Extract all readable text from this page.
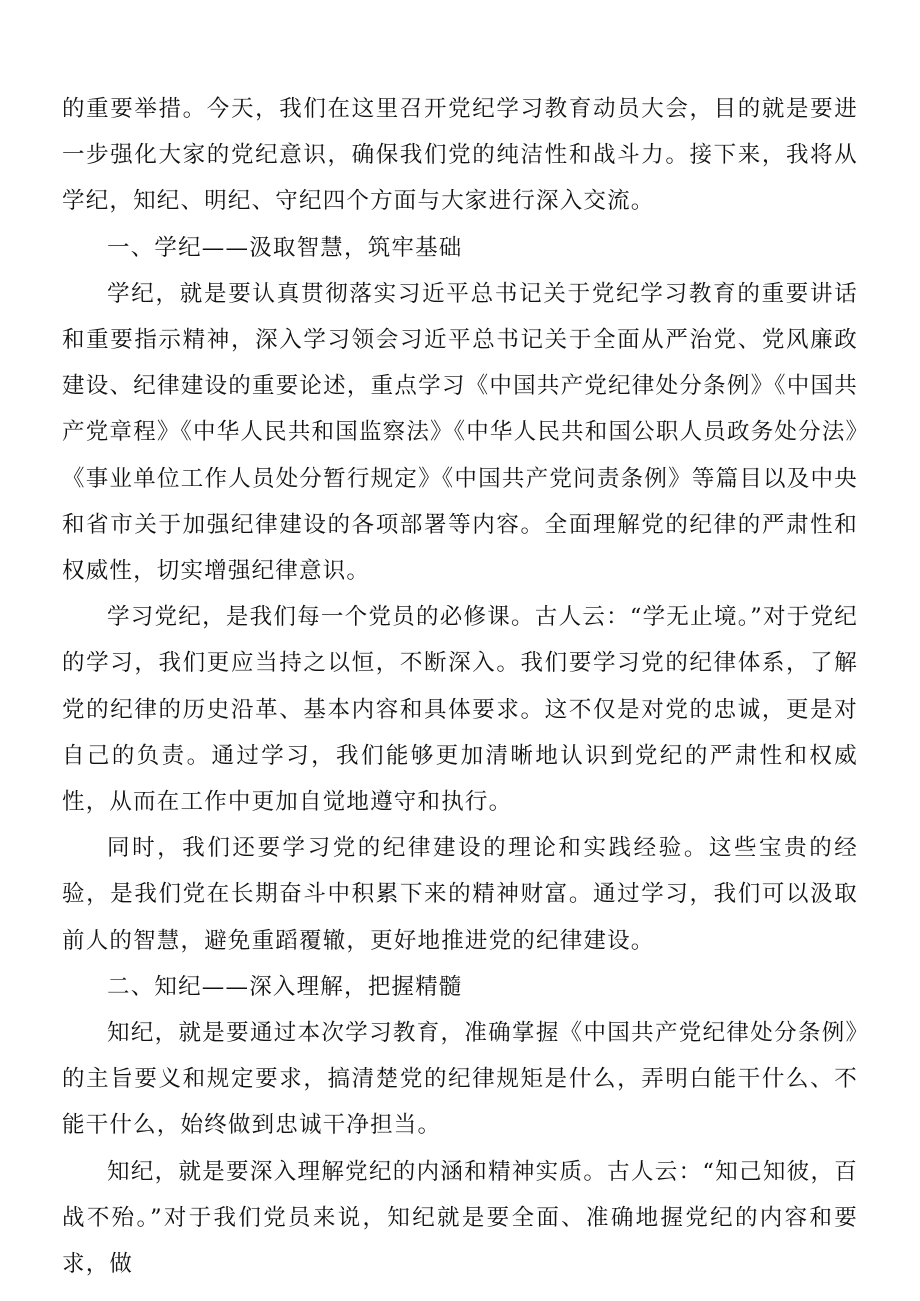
的重要举措。今天，我们在这里召开党纪学习教育动员大会，目的就是要进一步强化大家的党纪意识，确保我们党的纯洁性和战斗力。接下来，我将从学纪，知纪、明纪、守纪四个方面与大家进行深入交流。

一、学纪——汲取智慧，筑牢基础

学纪，就是要认真贯彻落实习近平总书记关于党纪学习教育的重要讲话和重要指示精神，深入学习领会习近平总书记关于全面从严治党、党风廉政建设、纪律建设的重要论述，重点学习《中国共产党纪律处分条例》《中国共产党章程》《中华人民共和国监察法》《中华人民共和国公职人员政务处分法》《事业单位工作人员处分暂行规定》《中国共产党问责条例》等篇目以及中央和省市关于加强纪律建设的各项部署等内容。全面理解党的纪律的严肃性和权威性，切实增强纪律意识。

学习党纪，是我们每一个党员的必修课。古人云：“学无止境。”对于党纪的学习，我们更应当持之以恒，不断深入。我们要学习党的纪律体系，了解党的纪律的历史沿革、基本内容和具体要求。这不仅是对党的忠诚，更是对自己的负责。通过学习，我们能够更加清晰地认识到党纪的严肃性和权威性，从而在工作中更加自觉地遵守和执行。

同时，我们还要学习党的纪律建设的理论和实践经验。这些宝贵的经验，是我们党在长期奋斗中积累下来的精神财富。通过学习，我们可以汲取前人的智慧，避免重蹈覆辙，更好地推进党的纪律建设。

二、知纪——深入理解，把握精髓

知纪，就是要通过本次学习教育，准确掌握《中国共产党纪律处分条例》的主旨要义和规定要求，搞清楚党的纪律规矩是什么，弄明白能干什么、不能干什么，始终做到忠诚干净担当。

知纪，就是要深入理解党纪的内涵和精神实质。古人云：“知己知彼，百战不殆。”对于我们党员来说，知纪就是要全面、准确地握党纪的内容和要求，做
